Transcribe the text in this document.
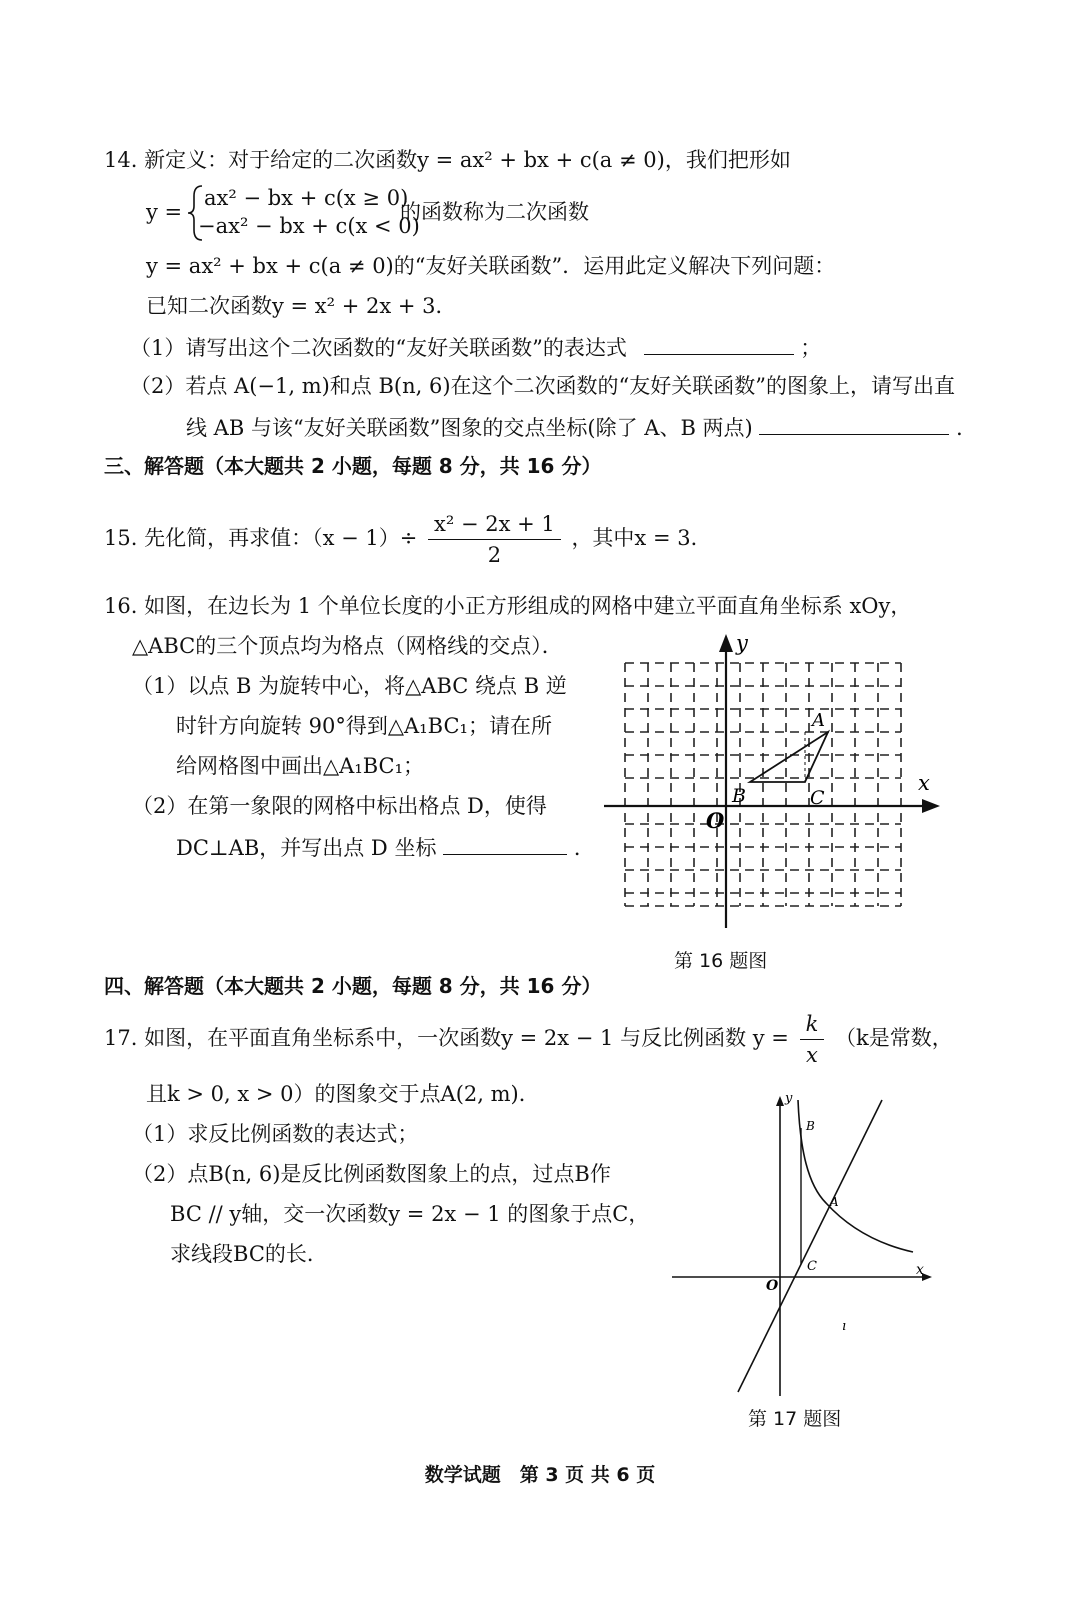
14. 新定义：对于给定的二次函数y = ax² + bx + c(a ≠ 0)，我们把形如
y =
ax² − bx + c(x ≥ 0)
−ax² − bx + c(x < 0)
的函数称为二次函数
y = ax² + bx + c(a ≠ 0)的“友好关联函数”．运用此定义解决下列问题：
已知二次函数y = x² + 2x + 3．
（1）请写出这个二次函数的“友好关联函数”的表达式	；
（2）若点 A(−1, m)和点 B(n, 6)在这个二次函数的“友好关联函数”的图象上，请写出直
线 AB 与该“友好关联函数”图象的交点坐标(除了 A、B 两点)	．
三、解答题（本大题共 2 小题，每题 8 分，共 16 分）
15. 先化简，再求值：$(x - 1)\div \frac{\text{x² − 2x + 1}}{2}$ ，其中x = 3．
16. 如图，在边长为 1 个单位长度的小正方形组成的网格中建立平面直角坐标系 xOy，
△ABC的三个顶点均为格点（网格线的交点）．
（1）以点 B 为旋转中心，将△ABC 绕点 B 逆
时针方向旋转 90°得到△A₁BC₁；请在所
给网格图中画出△A₁BC₁；
（2）在第一象限的网格中标出格点 D，使得
DC⊥AB，并写出点 D 坐标	．
y
x
O
A
B	C
第 16 题图
四、解答题（本大题共 2 小题，每题 8 分，共 16 分）
17. 如图，在平面直角坐标系中，一次函数y = 2x − 1 与反比例函数 $y = \frac{k}{x} (k$是常数，
且k > 0, x > 0）的图象交于点A(2, m)．
（1）求反比例函数的表达式；
（2）点B(n, 6)是反比例函数图象上的点，过点B作
BC // y轴，交一次函数y = 2x − 1 的图象于点C，
求线段BC的长．
y
x
O
B
A
C
ı
第 17 题图
数学试题　第 3 页 共 6 页
